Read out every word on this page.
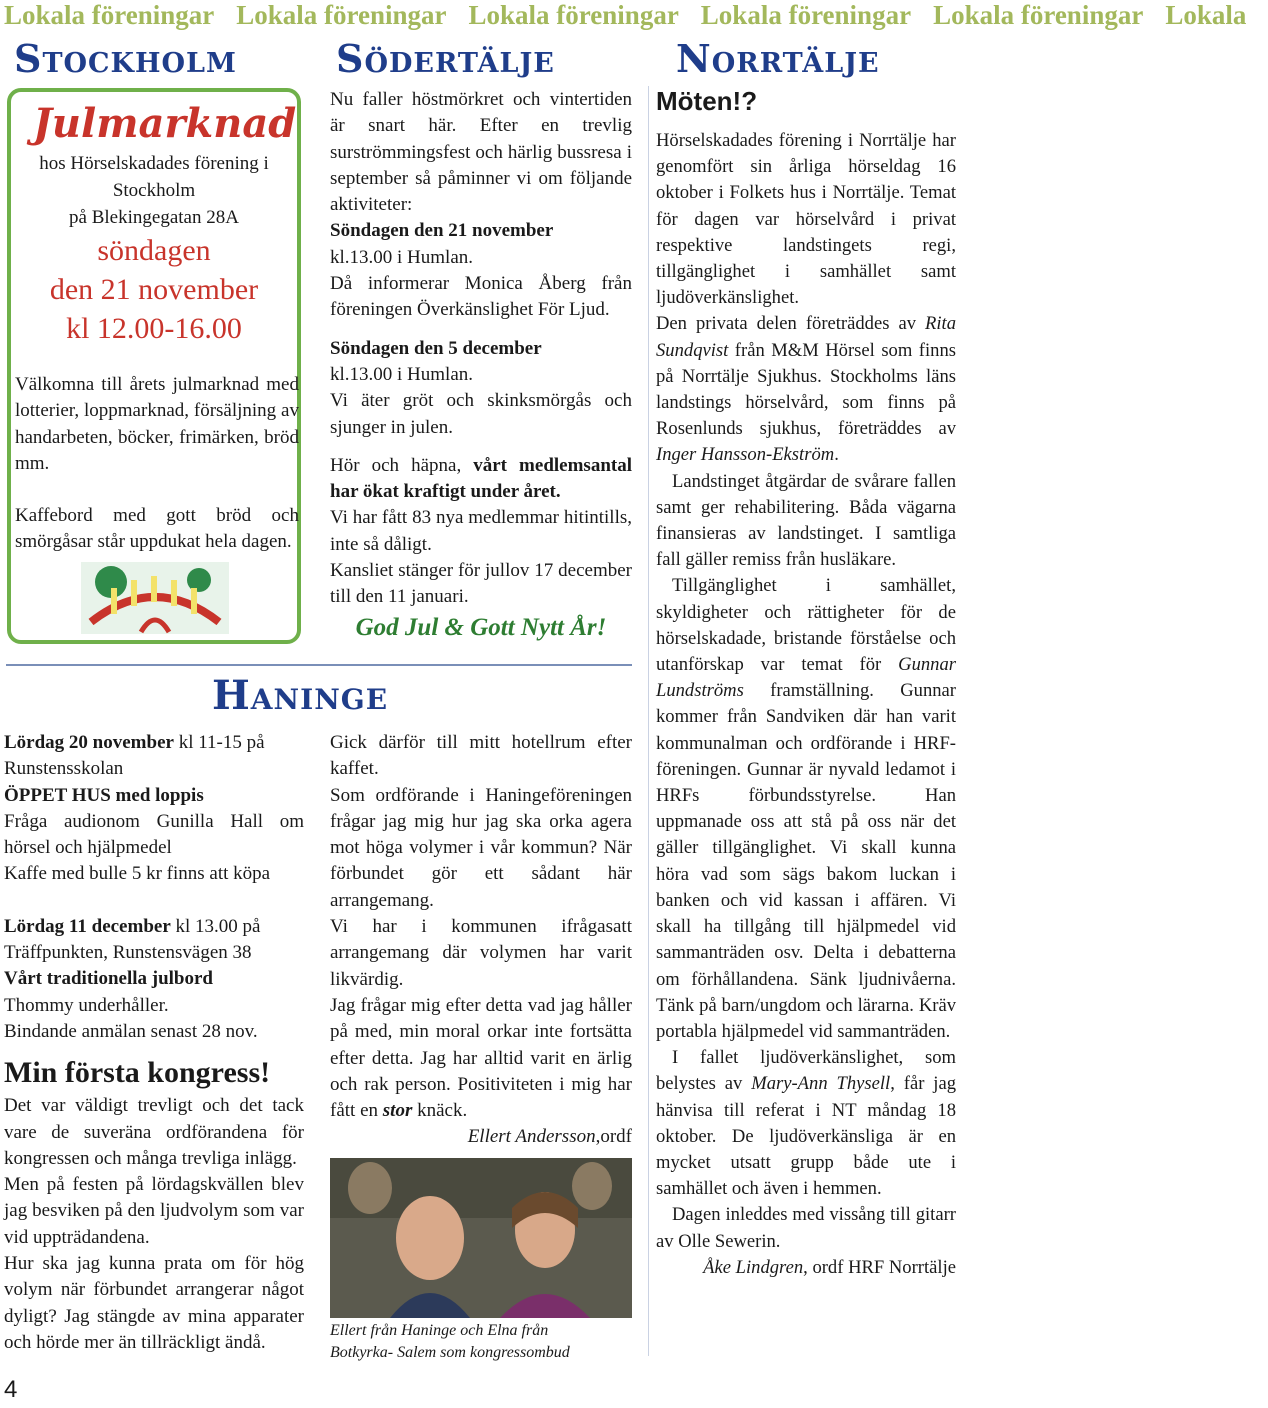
Lokala föreningar Lokala föreningar Lokala föreningar Lokala föreningar Lokala föreningar Lokala
Stockholm	Södertälje	Norrtälje
Julmarknad
hos Hörselskadades förening i
Stockholm
på Blekingegatan 28A
söndagen
den 21 november
kl 12.00-16.00

Välkomna till årets julmarknad med lotterier, loppmarknad, försäljning av handarbeten, böcker, frimärken, bröd mm.

Kaffebord med gott bröd och smörgåsar står uppdukat hela dagen.

Nu faller höstmörkret och vintertiden är snart här. Efter en trevlig surströmmingsfest och härlig bussresa i september så påminner vi om följande aktiviteter:

Söndagen den 21 november

kl.13.00 i Humlan.

Då informerar Monica Åberg från föreningen Överkänslighet För Ljud.

Söndagen den 5 december

kl.13.00 i Humlan.

Vi äter gröt och skinksmörgås och sjunger in julen.

Hör och häpna, vårt medlemsantal har ökat kraftigt under året.

Vi har fått 83 nya medlemmar hitintills, inte så dåligt.

Kansliet stänger för jullov 17 december till den 11 januari.

God Jul & Gott Nytt År!

Haninge

Lördag 20 november kl 11-15 på

Runstensskolan

ÖPPET HUS med loppis

Fråga audionom Gunilla Hall om hörsel och hjälpmedel

Kaffe med bulle 5 kr finns att köpa

Lördag 11 december kl 13.00 på

Träffpunkten, Runstensvägen 38

Vårt traditionella julbord

Thommy underhåller.

Bindande anmälan senast 28 nov.

Min första kongress!

Det var väldigt trevligt och det tack vare de suveräna ordförandena för kongressen och många trevliga inlägg.

Men på festen på lördagskvällen blev jag besviken på den ljudvolym som var vid uppträdandena.

Hur ska jag kunna prata om för hög volym när förbundet arrangerar något dyligt? Jag stängde av mina apparater och hörde mer än tillräckligt ändå.

Gick därför till mitt hotellrum efter kaffet.

Som ordförande i Haningeföreningen frågar jag mig hur jag ska orka agera mot höga volymer i vår kommun? När förbundet gör ett sådant här arrangemang.

Vi har i kommunen ifrågasatt arrangemang där volymen har varit likvärdig.

Jag frågar mig efter detta vad jag håller på med, min moral orkar inte fortsätta efter detta. Jag har alltid varit en ärlig och rak person. Positiviteten i mig har fått en stor knäck.

Ellert Andersson,ordf

Ellert från Haninge och Elna från
Botkyrka- Salem som kongressombud
Möten!?

Hörselskadades förening i Norrtälje har genomfört sin årliga hörseldag 16 oktober i Folkets hus i Norrtälje. Temat för dagen var hörselvård i privat respektive landstingets regi, tillgänglighet i samhället samt ljudöverkänslighet.

Den privata delen företräddes av Rita Sundqvist från M&M Hörsel som finns på Norrtälje Sjukhus. Stockholms läns landstings hörselvård, som finns på Rosenlunds sjukhus, företräddes av Inger Hansson-Ekström.

Landstinget åtgärdar de svårare fallen samt ger rehabilitering. Båda vägarna finansieras av landstinget. I samtliga fall gäller remiss från husläkare.

Tillgänglighet i samhället, skyldigheter och rättigheter för de hörselskadade, bristande förståelse och utanförskap var temat för Gunnar Lundströms framställning. Gunnar kommer från Sandviken där han varit kommunalman och ordförande i HRF-föreningen. Gunnar är nyvald ledamot i HRFs förbundsstyrelse. Han uppmanade oss att stå på oss när det gäller tillgänglighet. Vi skall kunna höra vad som sägs bakom luckan i banken och vid kassan i affären. Vi skall ha tillgång till hjälpmedel vid sammanträden osv. Delta i debatterna om förhållandena. Sänk ljudnivåerna. Tänk på barn/ungdom och lärarna. Kräv portabla hjälpmedel vid sammanträden.

I fallet ljudöverkänslighet, som belystes av Mary-Ann Thysell, får jag hänvisa till referat i NT måndag 18 oktober. De ljudöverkänsliga är en mycket utsatt grupp både ute i samhället och även i hemmen.

Dagen inleddes med vissång till gitarr av Olle Sewerin.

Åke Lindgren, ordf HRF Norrtälje

4
